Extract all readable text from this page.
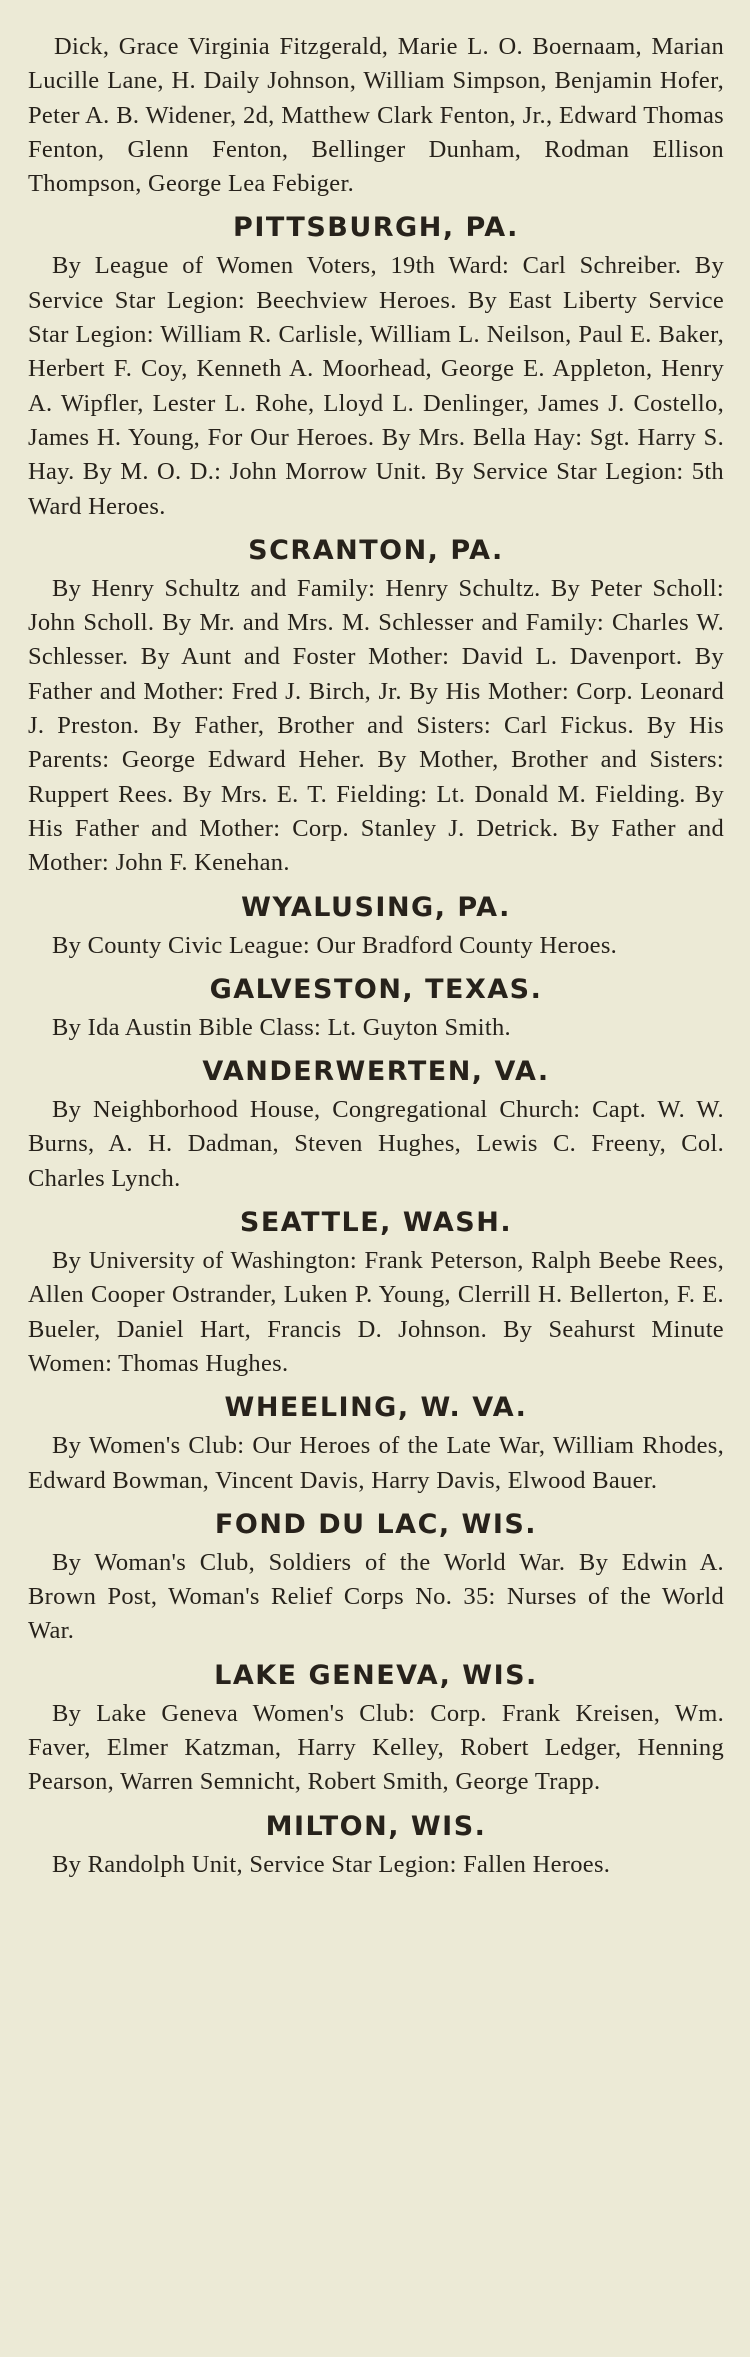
Dick, Grace Virginia Fitzgerald, Marie L. O. Boernaam, Marian Lucille Lane, H. Daily Johnson, William Simpson, Benjamin Hofer, Peter A. B. Widener, 2d, Matthew Clark Fenton, Jr., Edward Thomas Fenton, Glenn Fenton, Bellinger Dunham, Rodman Ellison Thompson, George Lea Febiger.

PITTSBURGH, PA.

By League of Women Voters, 19th Ward: Carl Schreiber. By Service Star Legion: Beechview Heroes. By East Liberty Service Star Legion: William R. Carlisle, William L. Neilson, Paul E. Baker, Herbert F. Coy, Kenneth A. Moorhead, George E. Appleton, Henry A. Wipfler, Lester L. Rohe, Lloyd L. Denlinger, James J. Costello, James H. Young, For Our Heroes. By Mrs. Bella Hay: Sgt. Harry S. Hay. By M. O. D.: John Morrow Unit. By Service Star Legion: 5th Ward Heroes.

SCRANTON, PA.

By Henry Schultz and Family: Henry Schultz. By Peter Scholl: John Scholl. By Mr. and Mrs. M. Schlesser and Family: Charles W. Schlesser. By Aunt and Foster Mother: David L. Davenport. By Father and Mother: Fred J. Birch, Jr. By His Mother: Corp. Leonard J. Preston. By Father, Brother and Sisters: Carl Fickus. By His Parents: George Edward Heher. By Mother, Brother and Sisters: Ruppert Rees. By Mrs. E. T. Fielding: Lt. Donald M. Fielding. By His Father and Mother: Corp. Stanley J. Detrick. By Father and Mother: John F. Kenehan.

WYALUSING, PA.

By County Civic League: Our Bradford County Heroes.

GALVESTON, TEXAS.

By Ida Austin Bible Class: Lt. Guyton Smith.

VANDERWERTEN, VA.

By Neighborhood House, Congregational Church: Capt. W. W. Burns, A. H. Dadman, Steven Hughes, Lewis C. Freeny, Col. Charles Lynch.

SEATTLE, WASH.

By University of Washington: Frank Peterson, Ralph Beebe Rees, Allen Cooper Ostrander, Luken P. Young, Clerrill H. Bellerton, F. E. Bueler, Daniel Hart, Francis D. Johnson. By Seahurst Minute Women: Thomas Hughes.

WHEELING, W. VA.

By Women's Club: Our Heroes of the Late War, William Rhodes, Edward Bowman, Vincent Davis, Harry Davis, Elwood Bauer.

FOND DU LAC, WIS.

By Woman's Club, Soldiers of the World War. By Edwin A. Brown Post, Woman's Relief Corps No. 35: Nurses of the World War.

LAKE GENEVA, WIS.

By Lake Geneva Women's Club: Corp. Frank Kreisen, Wm. Faver, Elmer Katzman, Harry Kelley, Robert Ledger, Henning Pearson, Warren Semnicht, Robert Smith, George Trapp.

MILTON, WIS.

By Randolph Unit, Service Star Legion: Fallen Heroes.
